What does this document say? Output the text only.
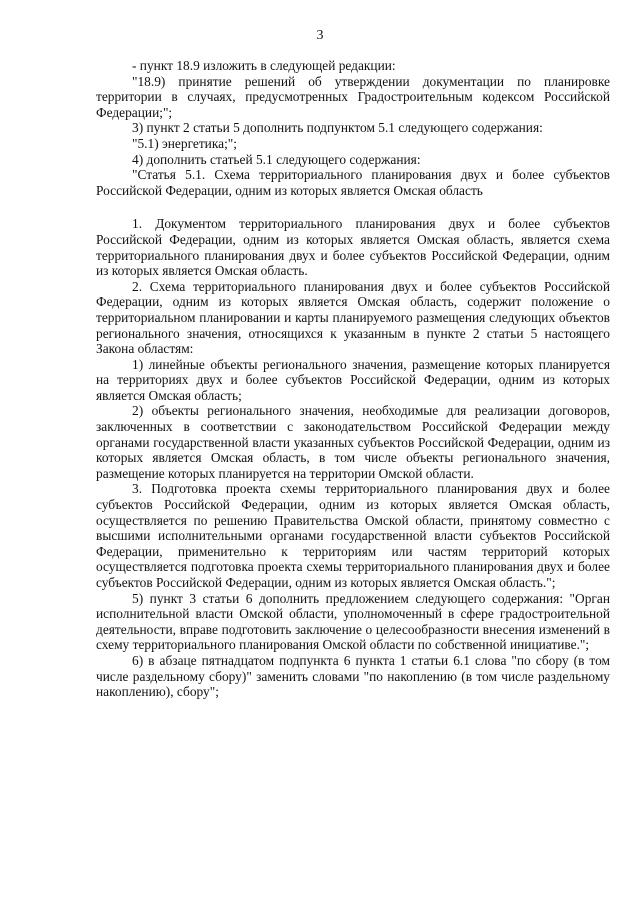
3

- пункт 18.9 изложить в следующей редакции:

"18.9) принятие решений об утверждении документации по планировке территории в случаях, предусмотренных Градостроительным кодексом Российской Федерации;";

3) пункт 2 статьи 5 дополнить подпунктом 5.1 следующего содержания:

"5.1) энергетика;";

4) дополнить статьей 5.1 следующего содержания:

"Статья 5.1. Схема территориального планирования двух и более субъектов Российской Федерации, одним из которых является Омская область

1. Документом территориального планирования двух и более субъектов Российской Федерации, одним из которых является Омская область, является схема территориального планирования двух и более субъектов Российской Федерации, одним из которых является Омская область.

2. Схема территориального планирования двух и более субъектов Российской Федерации, одним из которых является Омская область, содержит положение о территориальном планировании и карты планируемого размещения следующих объектов регионального значения, относящихся к указанным в пункте 2 статьи 5 настоящего Закона областям:

1) линейные объекты регионального значения, размещение которых планируется на территориях двух и более субъектов Российской Федерации, одним из которых является Омская область;

2) объекты регионального значения, необходимые для реализации договоров, заключенных в соответствии с законодательством Российской Федерации между органами государственной власти указанных субъектов Российской Федерации, одним из которых является Омская область, в том числе объекты регионального значения, размещение которых планируется на территории Омской области.

3. Подготовка проекта схемы территориального планирования двух и более субъектов Российской Федерации, одним из которых является Омская область, осуществляется по решению Правительства Омской области, принятому совместно с высшими исполнительными органами государственной власти субъектов Российской Федерации, применительно к территориям или частям территорий которых осуществляется подготовка проекта схемы территориального планирования двух и более субъектов Российской Федерации, одним из которых является Омская область.";

5) пункт 3 статьи 6 дополнить предложением следующего содержания: "Орган исполнительной власти Омской области, уполномоченный в сфере градостроительной деятельности, вправе подготовить заключение о целесообразности внесения изменений в схему территориального планирования Омской области по собственной инициативе.";

6) в абзаце пятнадцатом подпункта 6 пункта 1 статьи 6.1 слова "по сбору (в том числе раздельному сбору)" заменить словами "по накоплению (в том числе раздельному накоплению), сбору";
